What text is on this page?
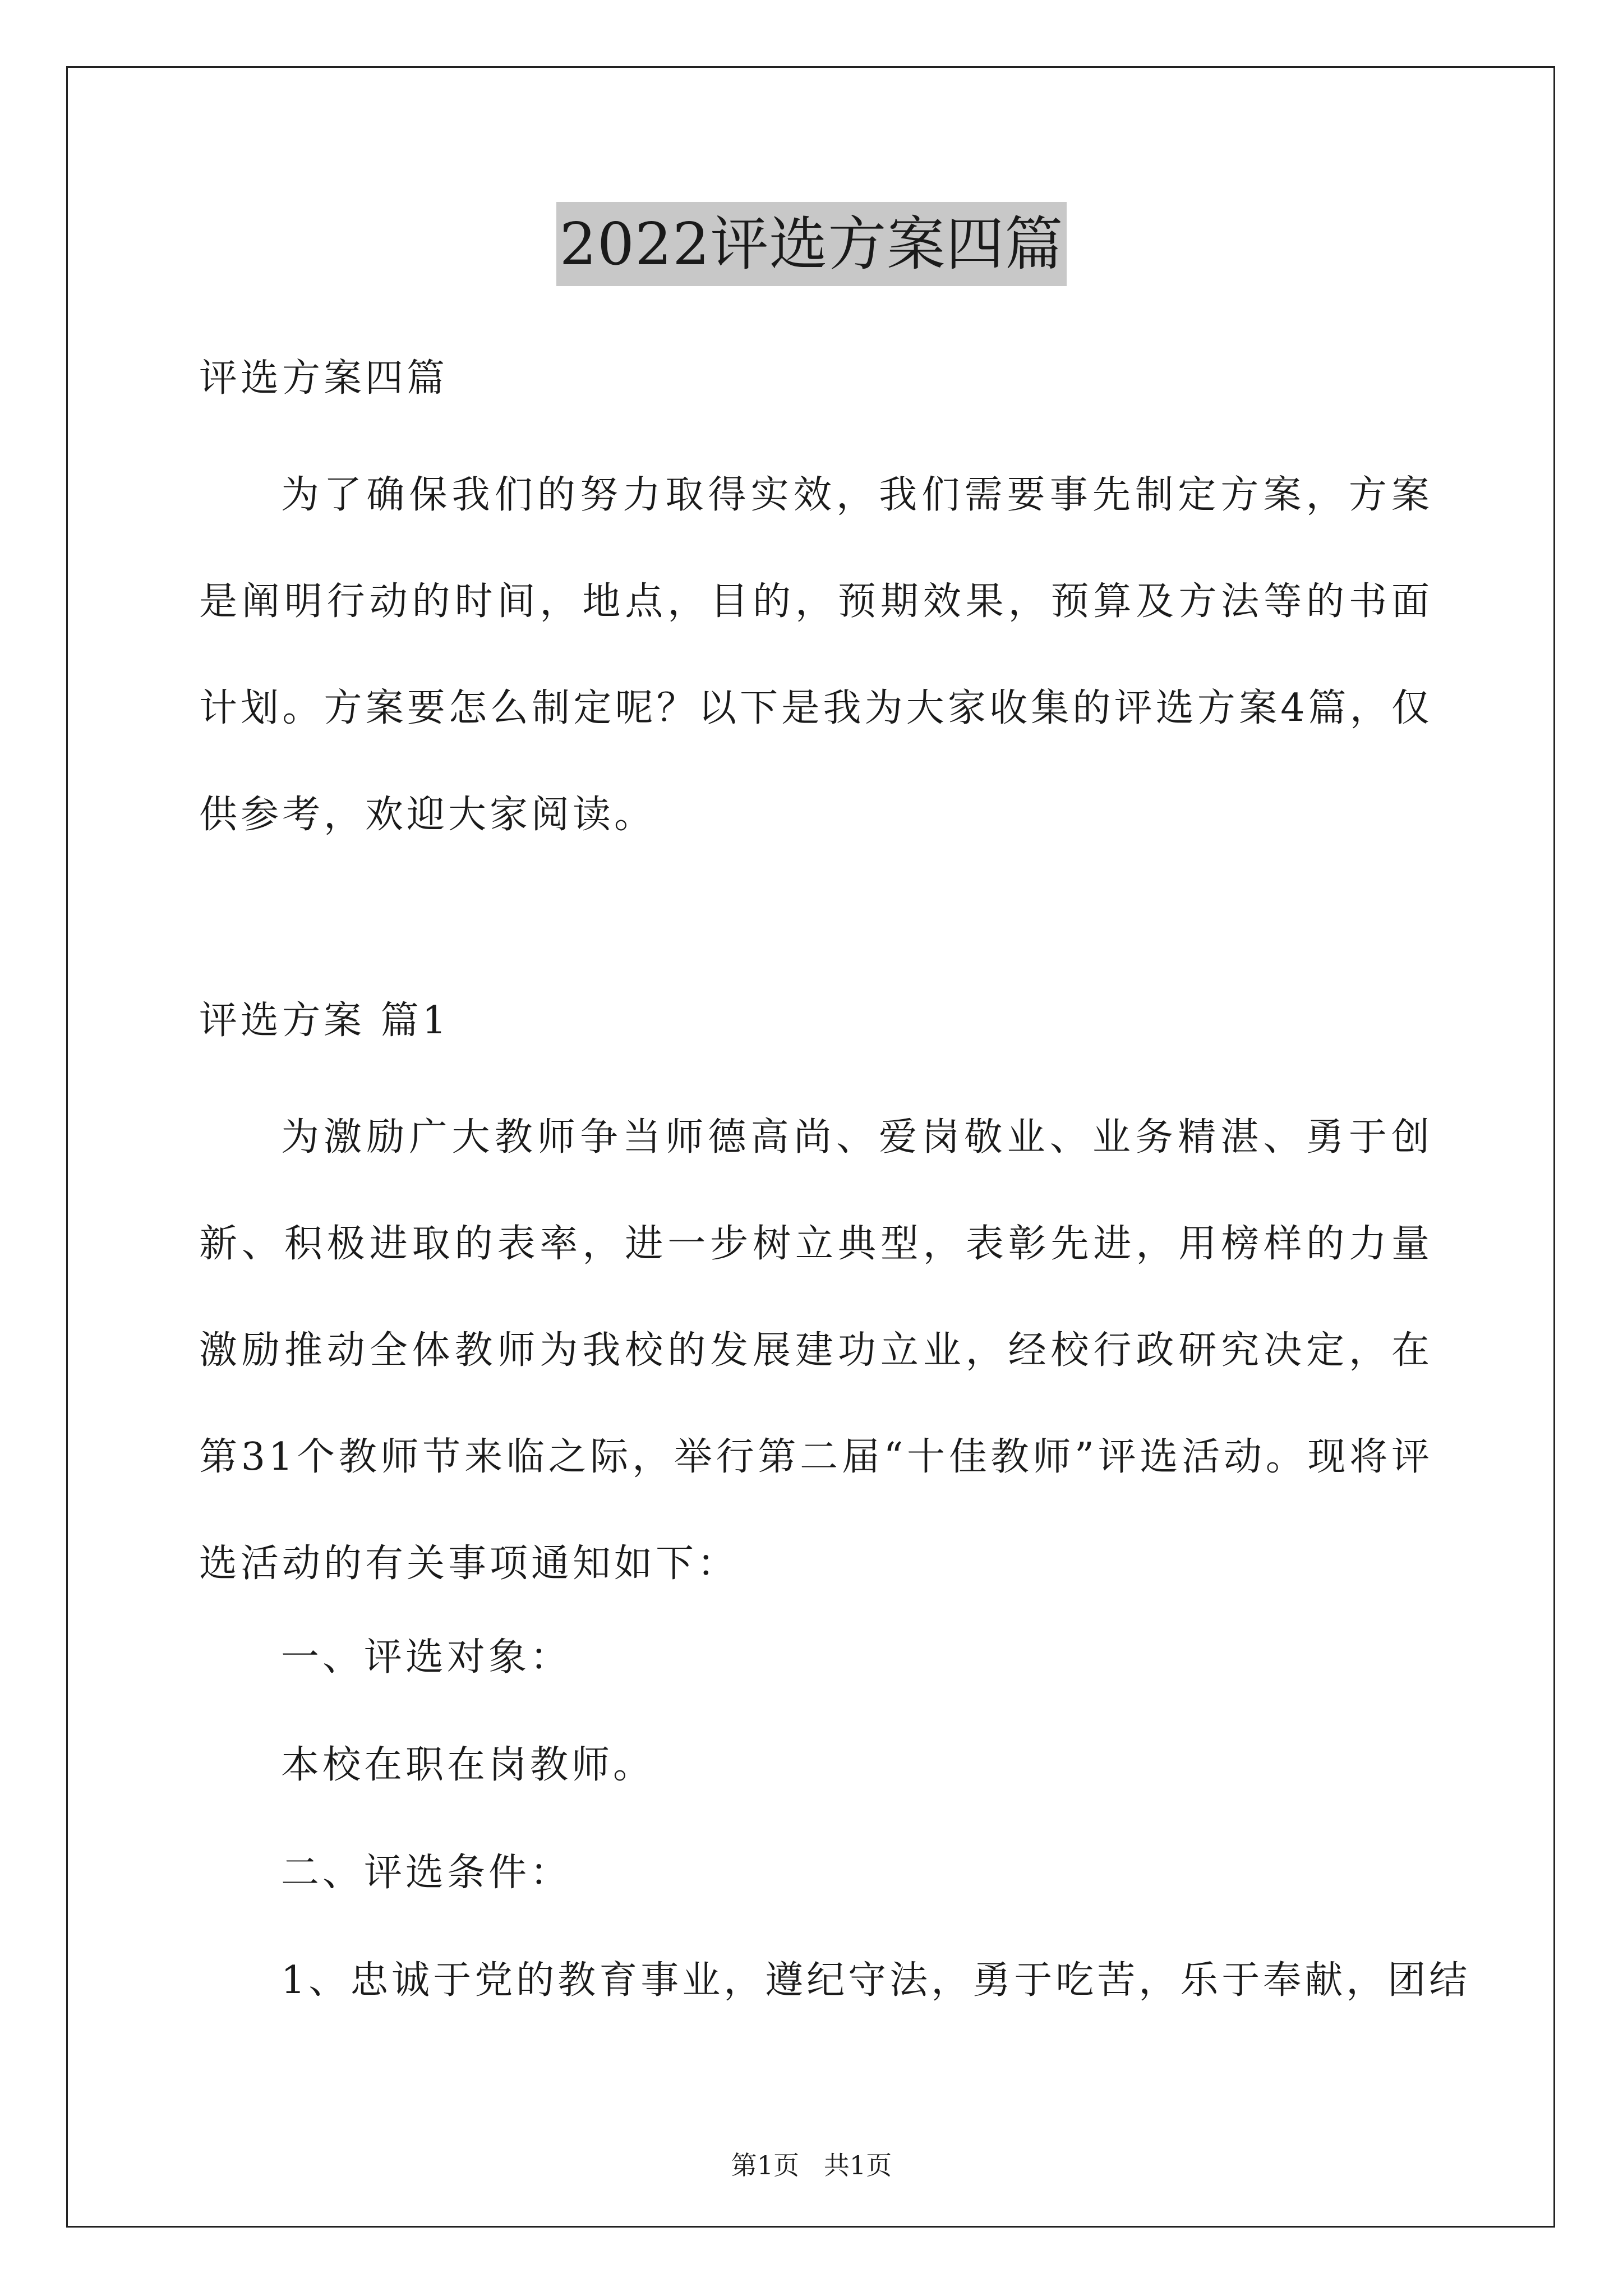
2022评选方案四篇
评选方案四篇

为了确保我们的努力取得实效，我们需要事先制定方案，方案是阐明行动的时间，地点，目的，预期效果，预算及方法等的书面计划。方案要怎么制定呢？以下是我为大家收集的评选方案4篇，仅供参考，欢迎大家阅读。

评选方案 篇1

为激励广大教师争当师德高尚、爱岗敬业、业务精湛、勇于创新、积极进取的表率，进一步树立典型，表彰先进，用榜样的力量激励推动全体教师为我校的发展建功立业，经校行政研究决定，在第31个教师节来临之际，举行第二届“十佳教师”评选活动。现将评选活动的有关事项通知如下：

一、评选对象：
本校在职在岗教师。
二、评选条件：
1、忠诚于党的教育事业，遵纪守法，勇于吃苦，乐于奉献，团结
第1页   共1页
